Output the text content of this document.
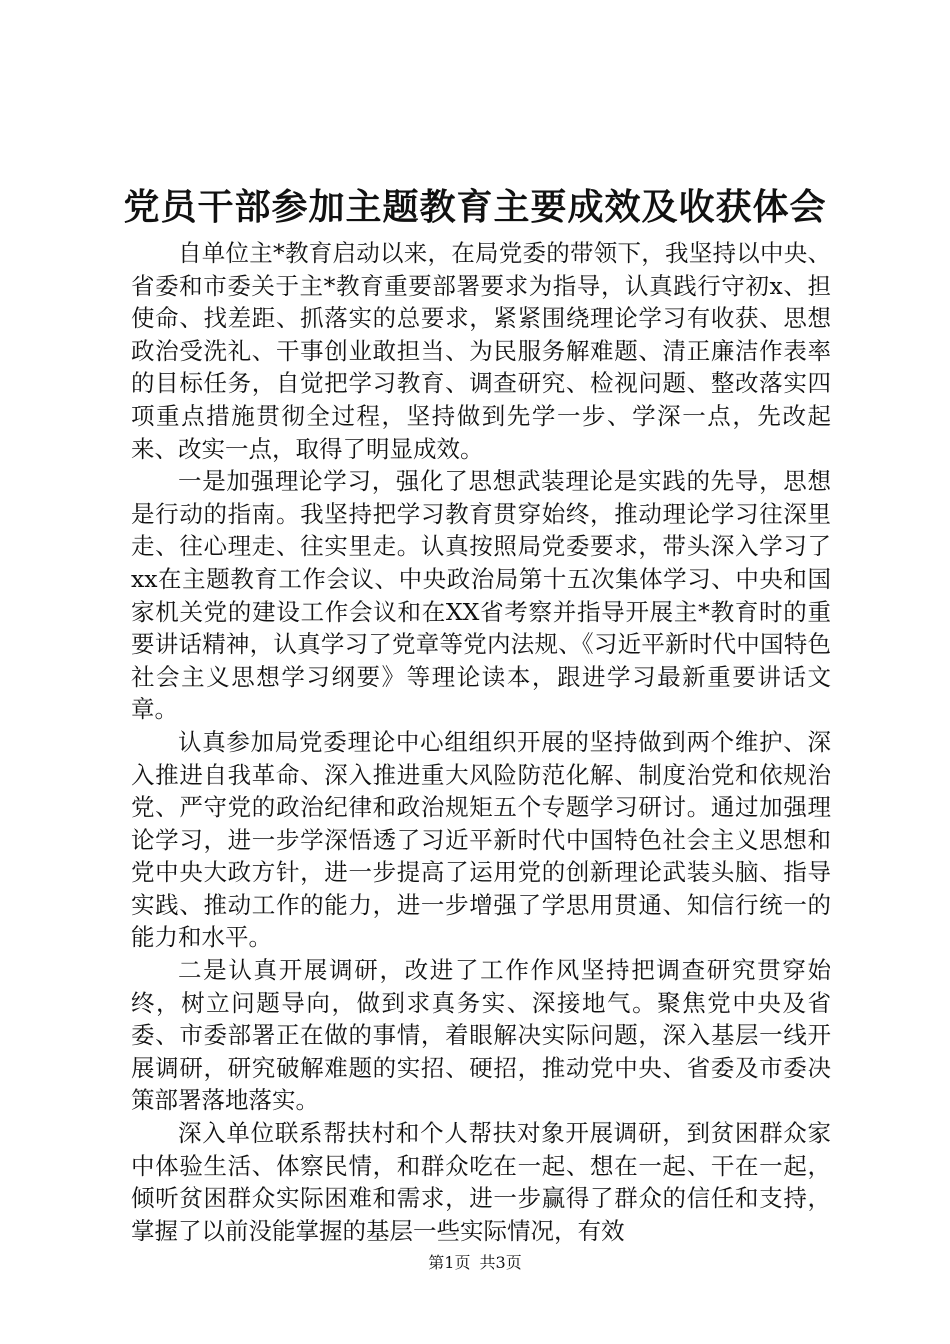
党员干部参加主题教育主要成效及收获体会

自单位主*教育启动以来，在局党委的带领下，我坚持以中央、省委和市委关于主*教育重要部署要求为指导，认真践行守初x、担使命、找差距、抓落实的总要求，紧紧围绕理论学习有收获、思想政治受洗礼、干事创业敢担当、为民服务解难题、清正廉洁作表率的目标任务，自觉把学习教育、调查研究、检视问题、整改落实四项重点措施贯彻全过程，坚持做到先学一步、学深一点，先改起来、改实一点，取得了明显成效。

一是加强理论学习，强化了思想武装理论是实践的先导，思想是行动的指南。我坚持把学习教育贯穿始终，推动理论学习往深里走、往心理走、往实里走。认真按照局党委要求，带头深入学习了xx在主题教育工作会议、中央政治局第十五次集体学习、中央和国家机关党的建设工作会议和在XX省考察并指导开展主*教育时的重要讲话精神，认真学习了党章等党内法规、《习近平新时代中国特色社会主义思想学习纲要》等理论读本，跟进学习最新重要讲话文章。

认真参加局党委理论中心组组织开展的坚持做到两个维护、深入推进自我革命、深入推进重大风险防范化解、制度治党和依规治党、严守党的政治纪律和政治规矩五个专题学习研讨。通过加强理论学习，进一步学深悟透了习近平新时代中国特色社会主义思想和党中央大政方针，进一步提高了运用党的创新理论武装头脑、指导实践、推动工作的能力，进一步增强了学思用贯通、知信行统一的能力和水平。

二是认真开展调研，改进了工作作风坚持把调查研究贯穿始终，树立问题导向，做到求真务实、深接地气。聚焦党中央及省委、市委部署正在做的事情，着眼解决实际问题，深入基层一线开展调研，研究破解难题的实招、硬招，推动党中央、省委及市委决策部署落地落实。

深入单位联系帮扶村和个人帮扶对象开展调研，到贫困群众家中体验生活、体察民情，和群众吃在一起、想在一起、干在一起，倾听贫困群众实际困难和需求，进一步赢得了群众的信任和支持，掌握了以前没能掌握的基层一些实际情况，有效

第1页 共3页
